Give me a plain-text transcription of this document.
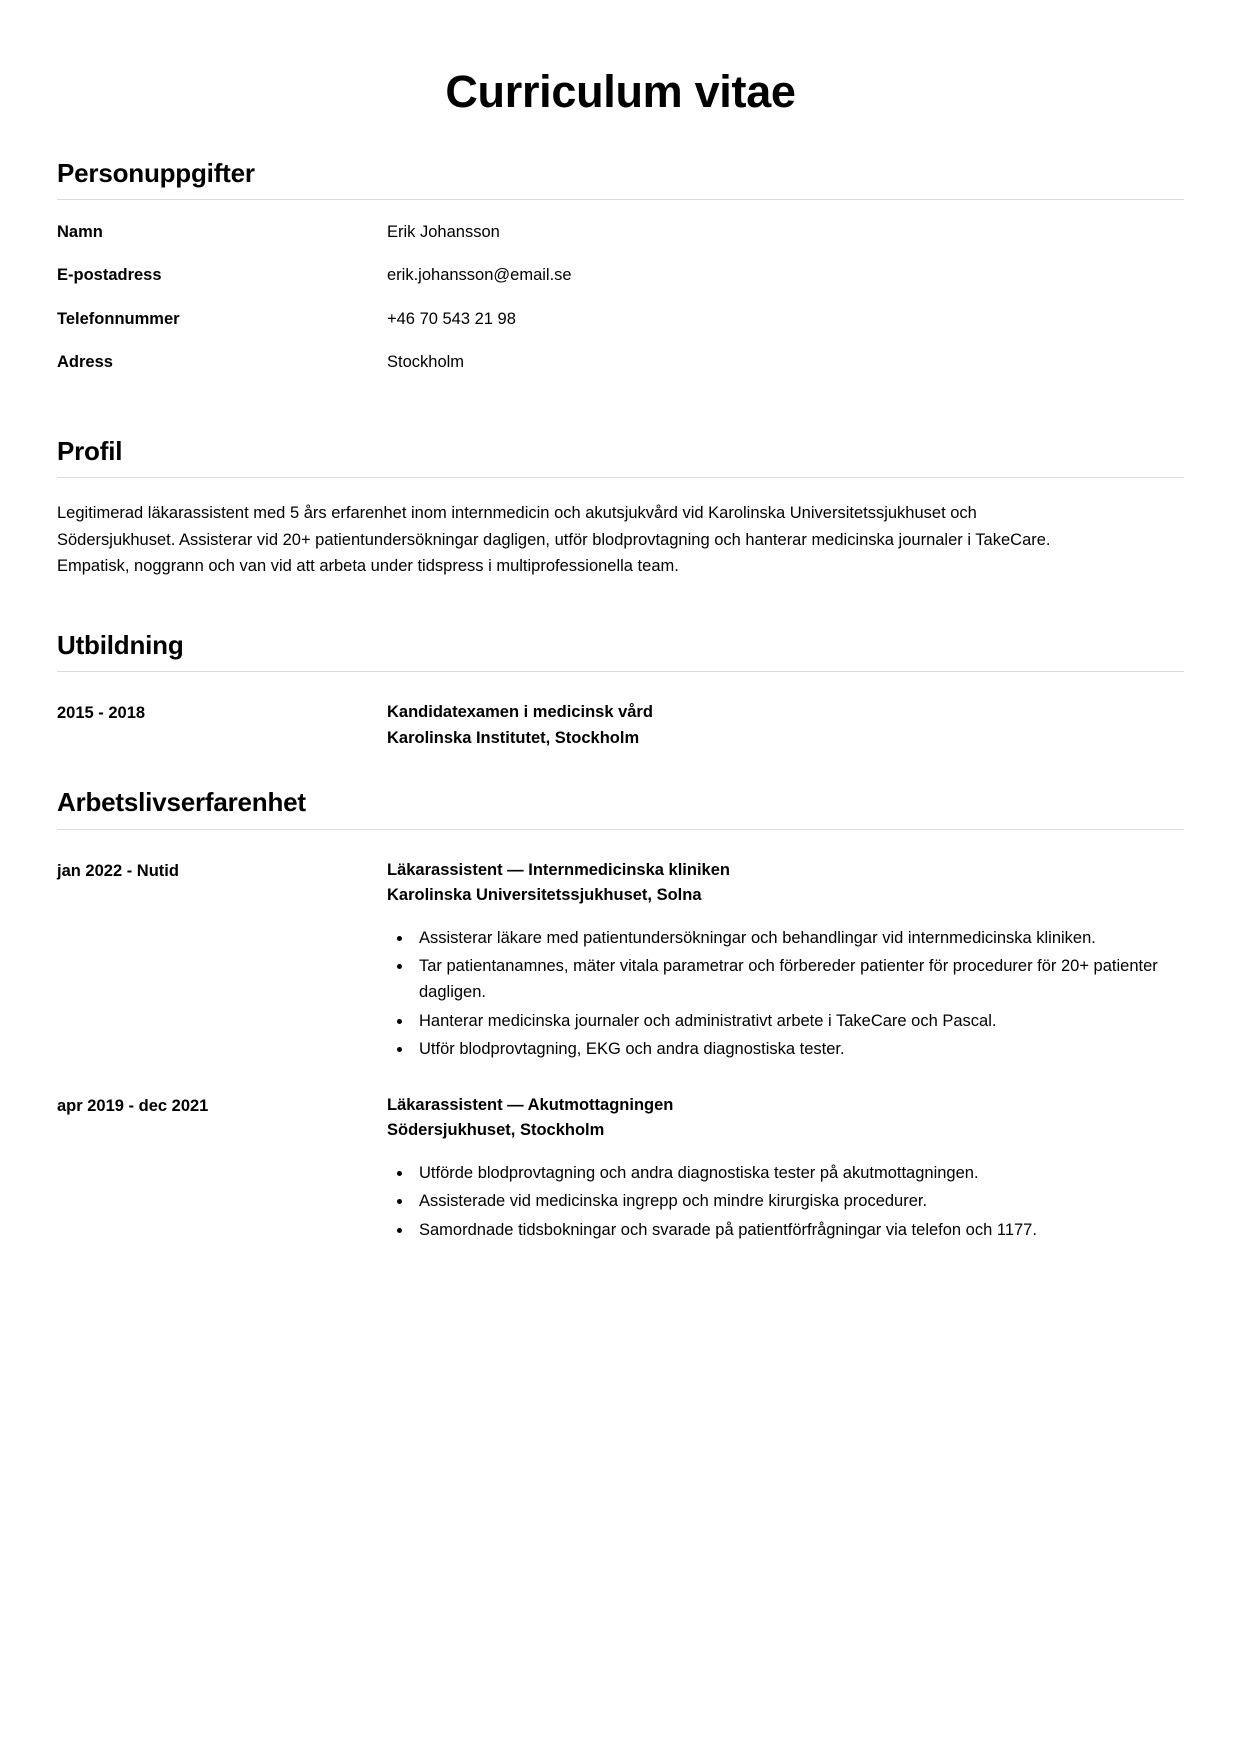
Curriculum vitae
Personuppgifter
Namn	Erik Johansson
E-postadress	erik.johansson@email.se
Telefonnummer	+46 70 543 21 98
Adress	Stockholm
Profil

Legitimerad läkarassistent med 5 års erfarenhet inom internmedicin och akutsjukvård vid Karolinska Universitetssjukhuset och Södersjukhuset. Assisterar vid 20+ patientundersökningar dagligen, utför blodprovtagning och hanterar medicinska journaler i TakeCare. Empatisk, noggrann och van vid att arbeta under tidspress i multiprofessionella team.

Utbildning
2015 - 2018	Kandidatexamen i medicinsk vård
Karolinska Institutet, Stockholm
Arbetslivserfarenhet
jan 2022 - Nutid	Läkarassistent — Internmedicinska kliniken
Karolinska Universitetssjukhuset, Solna
• Assisterar läkare med patientundersökningar och behandlingar vid internmedicinska kliniken.
• Tar patientanamnes, mäter vitala parametrar och förbereder patienter för procedurer för 20+ patienter dagligen.
• Hanterar medicinska journaler och administrativt arbete i TakeCare och Pascal.
• Utför blodprovtagning, EKG och andra diagnostiska tester.
apr 2019 - dec 2021	Läkarassistent — Akutmottagningen
Södersjukhuset, Stockholm
• Utförde blodprovtagning och andra diagnostiska tester på akutmottagningen.
• Assisterade vid medicinska ingrepp och mindre kirurgiska procedurer.
• Samordnade tidsbokningar och svarade på patientförfrågningar via telefon och 1177.
